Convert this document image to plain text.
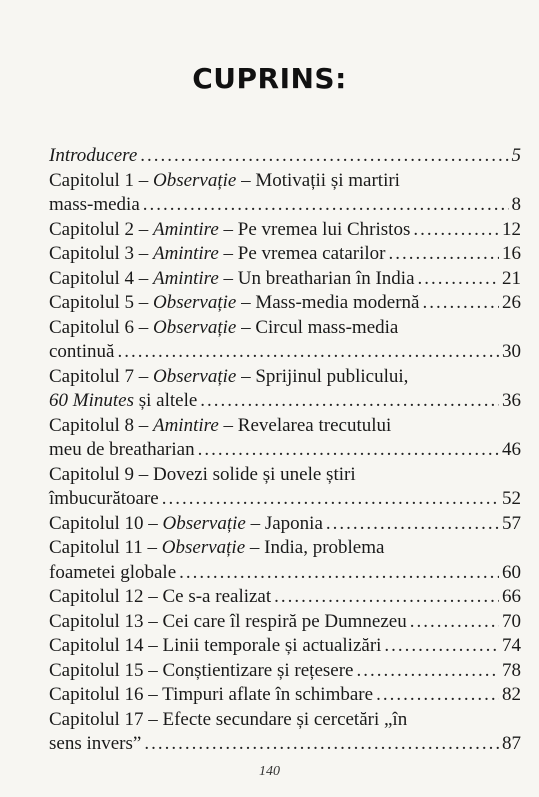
CUPRINS:
Introducere .....	5
Capitolul 1 – Observație – Motivații și martiri
mass-media .....	8
Capitolul 2 – Amintire – Pe vremea lui Christos .....	12
Capitolul 3 – Amintire – Pe vremea catarilor .....	16
Capitolul 4 – Amintire – Un breatharian în India .....	21
Capitolul 5 – Observație – Mass-media modernă .....	26
Capitolul 6 – Observație – Circul mass-media
continuă .....	30
Capitolul 7 – Observație – Sprijinul publicului,
60 Minutes și altele .....	36
Capitolul 8 – Amintire – Revelarea trecutului
meu de breatharian .....	46
Capitolul 9 – Dovezi solide și unele știri
îmbucurătoare .....	52
Capitolul 10 – Observație – Japonia .....	57
Capitolul 11 – Observație – India, problema
foametei globale .....	60
Capitolul 12 – Ce s-a realizat .....	66
Capitolul 13 – Cei care îl respiră pe Dumnezeu .....	70
Capitolul 14 – Linii temporale și actualizări .....	74
Capitolul 15 – Conștientizare și rețesere .....	78
Capitolul 16 – Timpuri aflate în schimbare .....	82
Capitolul 17 – Efecte secundare și cercetări „în
sens invers” .....	87
140
